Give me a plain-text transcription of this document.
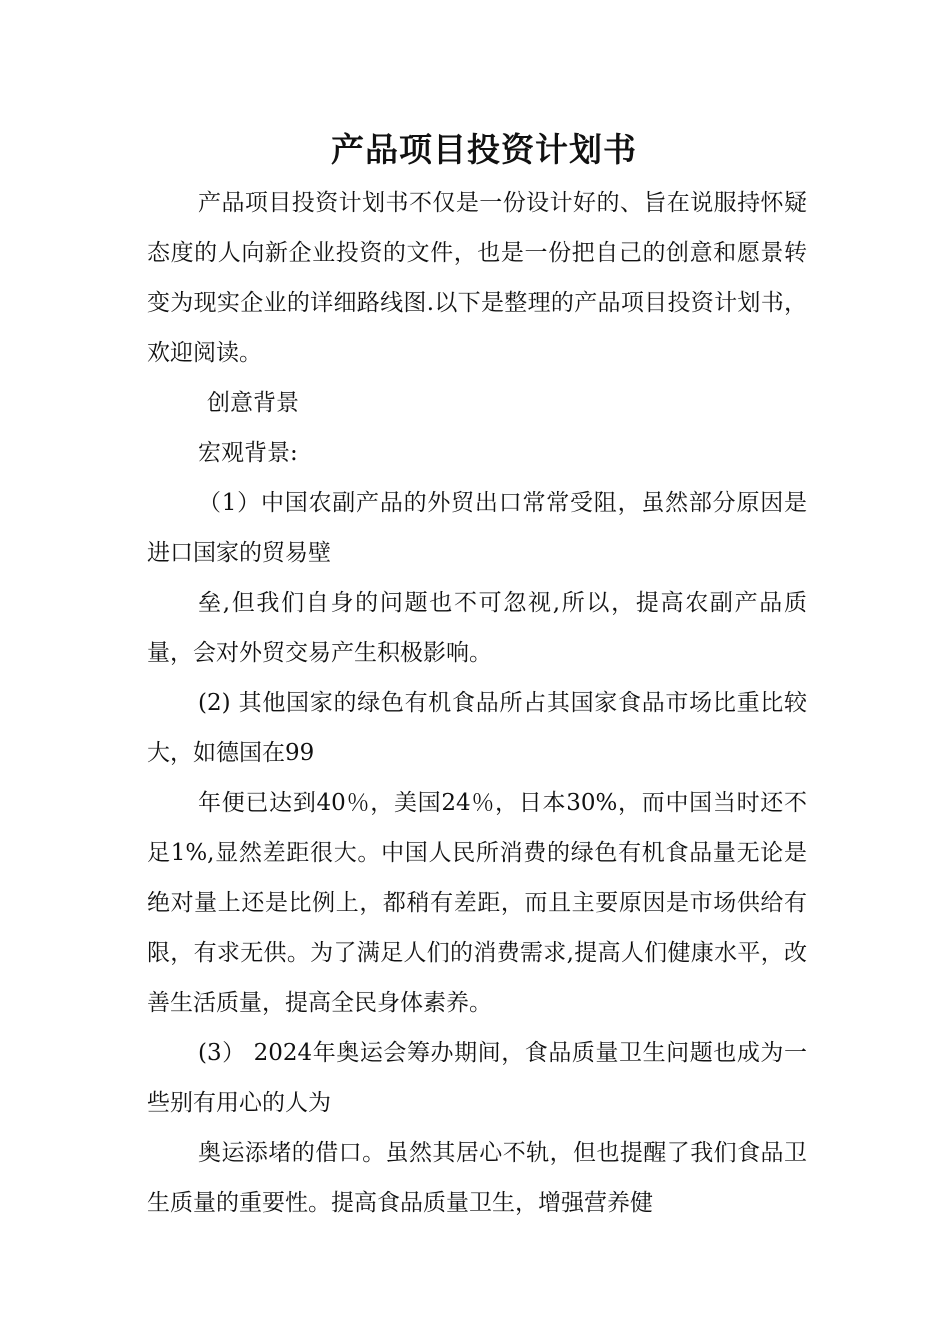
产品项目投资计划书

产品项目投资计划书不仅是一份设计好的、旨在说服持怀疑态度的人向新企业投资的文件，也是一份把自己的创意和愿景转变为现实企业的详细路线图.以下是整理的产品项目投资计划书，欢迎阅读。

创意背景

宏观背景:

（1）中国农副产品的外贸出口常常受阻，虽然部分原因是进口国家的贸易壁

垒,但我们自身的问题也不可忽视,所以，提高农副产品质量，会对外贸交易产生积极影响。

(2) 其他国家的绿色有机食品所占其国家食品市场比重比较大，如德国在99

年便已达到40％，美国24％，日本30%，而中国当时还不足1%,显然差距很大。中国人民所消费的绿色有机食品量无论是绝对量上还是比例上，都稍有差距，而且主要原因是市场供给有限，有求无供。为了满足人们的消费需求,提高人们健康水平，改善生活质量，提高全民身体素养。

(3） 2024年奥运会筹办期间，食品质量卫生问题也成为一些别有用心的人为

奥运添堵的借口。虽然其居心不轨，但也提醒了我们食品卫生质量的重要性。提高食品质量卫生，增强营养健
